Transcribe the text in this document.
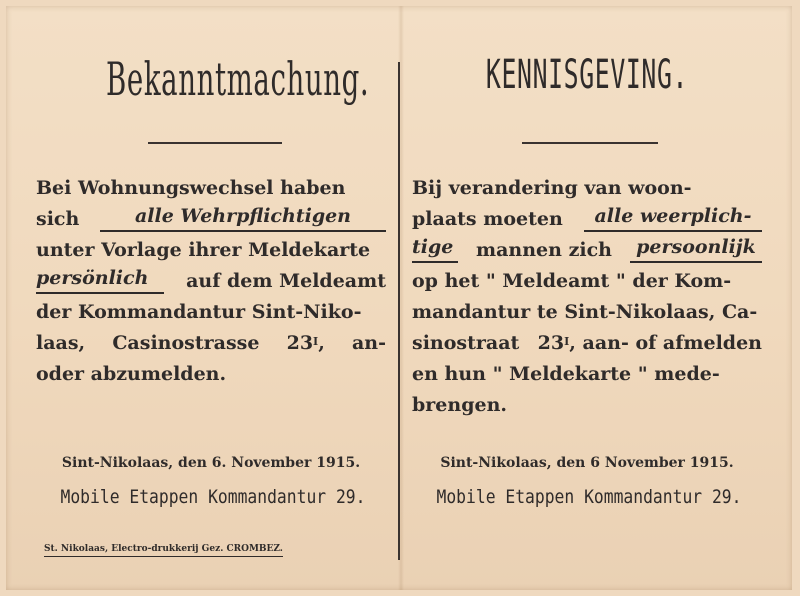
Bekanntmachung.
Bei Wohnungswechsel haben
sich	alle Wehrpflichtigen
unter Vorlage ihrer Meldekarte
persönlich	auf dem Meldeamt
der Kommandantur Sint-Niko-
laas, Casinostrasse $23^I$, an-
oder abzumelden.
Sint-Nikolaas, den 6. November 1915.
Mobile Etappen Kommandantur 29.
St. Nikolaas, Electro-drukkerij Gez. CROMBEZ.
KENNISGEVING.
Bij verandering van woon-
plaats moeten	alle weerplich-
tige mannen zich	persoonlijk
op het " Meldeamt " der Kom-
mandantur te Sint-Nikolaas, Ca-
sinostraat $23^I$, aan- of afmelden
en hun " Meldekarte " mede-
brengen.
Sint-Nikolaas, den 6 November 1915.
Mobile Etappen Kommandantur 29.
